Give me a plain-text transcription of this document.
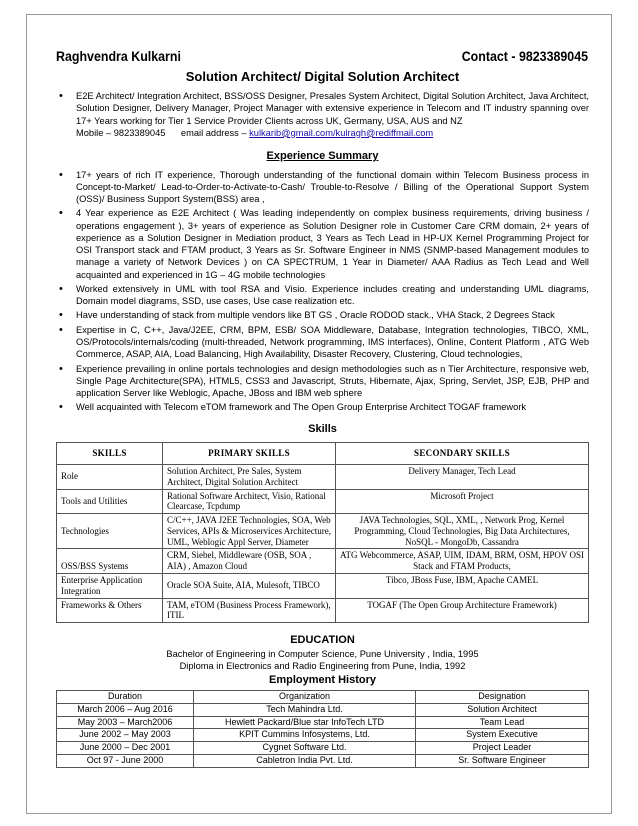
Raghvendra Kulkarni	Contact - 9823389045
Solution Architect/ Digital Solution Architect
• E2E Architect/ Integration Architect, BSS/OSS Designer, Presales System Architect, Digital Solution Architect, Java Architect, Solution Designer, Delivery Manager, Project Manager with extensive experience in Telecom and IT industry spanning over 17+ Years working for Tier 1 Service Provider Clients across UK, Germany, USA, AUS and NZ
Mobile – 9823389045      email address – kulkarib@gmail.com/kulragh@rediffmail.com
Experience Summary
• 17+ years of rich IT experience, Thorough understanding of the functional domain within Telecom Business process in Concept-to-Market/ Lead-to-Order-to-Activate-to-Cash/ Trouble-to-Resolve / Billing of the Operational Support System (OSS)/ Business Support System(BSS) area ,
• 4 Year experience as E2E Architect ( Was leading independently on complex business requirements, driving business / operations engagement ), 3+ years of experience as Solution Designer role in Customer Care CRM domain, 2+ years of experience as a Solution Designer in Mediation product, 3 Years as Tech Lead in HP-UX Kernel Programming Project for OSI Transport stack and FTAM product, 3 Years as Sr. Software Engineer in NMS (SNMP-based Management modules to manage a variety of Network Devices ) on CA SPECTRUM, 1 Year in Diameter/ AAA Radius as Tech Lead and Well acquainted and experienced in 1G – 4G mobile technologies
• Worked extensively in UML with tool RSA and Visio. Experience includes creating and understanding UML diagrams, Domain model diagrams, SSD, use cases, Use case realization etc.
• Have understanding of stack from multiple vendors like BT GS , Oracle RODOD stack., VHA Stack, 2 Degrees Stack
• Expertise in C, C++, Java/J2EE, CRM, BPM, ESB/ SOA Middleware, Database, Integration technologies, TIBCO, XML, OS/Protocols/internals/coding (multi-threaded, Network programming, IMS interfaces), Online, Content Platform , ATG Web Commerce, ASAP, AIA, Load Balancing, High Availability, Disaster Recovery, Clustering, Cloud technologies,
• Experience prevailing in online portals technologies and design methodologies such as n Tier Architecture, responsive web, Single Page Architecture(SPA), HTML5, CSS3 and Javascript, Struts, Hibernate, Ajax, Spring, Servlet, JSP, EJB, PHP and application Server like Weblogic, Apache, JBoss and IBM web sphere
• Well acquainted with Telecom eTOM framework and The Open Group Enterprise Architect TOGAF framework
Skills
SKILLS	PRIMARY SKILLS	SECONDARY SKILLS
Role	Solution Architect, Pre Sales, System Architect, Digital Solution Architect	Delivery Manager, Tech Lead
Tools and Utilities	Rational Software Architect, Visio, Rational Clearcase, Tcpdump	Microsoft Project
Technologies	C/C++, JAVA J2EE Technologies, SOA, Web Services, APIs & Microservices Architecture, UML, Weblogic Appl Server, Diameter	JAVA Technologies, SQL, XML, , Network Prog, Kernel Programming, Cloud Technologies, Big Data Architectures, NoSQL - MongoDb, Cassandra
OSS/BSS Systems	CRM, Siebel, Middleware (OSB, SOA , AIA) , Amazon Cloud	ATG Webcommerce, ASAP, UIM, IDAM, BRM, OSM, HPOV OSI Stack and FTAM Products,
Enterprise Application Integration	Oracle SOA Suite, AIA, Mulesoft, TIBCO	Tibco, JBoss Fuse, IBM, Apache CAMEL
Frameworks & Others	TAM, eTOM (Business Process Framework), ITIL	TOGAF (The Open Group Architecture Framework)
EDUCATION
Bachelor of Engineering in Computer Science, Pune University , India, 1995
Diploma in Electronics and Radio Engineering from Pune, India, 1992
Employment History
Duration	Organization	Designation
March 2006 – Aug 2016	Tech Mahindra Ltd.	Solution Architect
May 2003 – March2006	Hewlett Packard/Blue star InfoTech LTD	Team Lead
June 2002 – May 2003	KPIT Cummins Infosystems, Ltd.	System Executive
June 2000 – Dec 2001	Cygnet Software Ltd.	Project Leader
Oct 97 - June 2000	Cabletron India Pvt. Ltd.	Sr. Software Engineer
